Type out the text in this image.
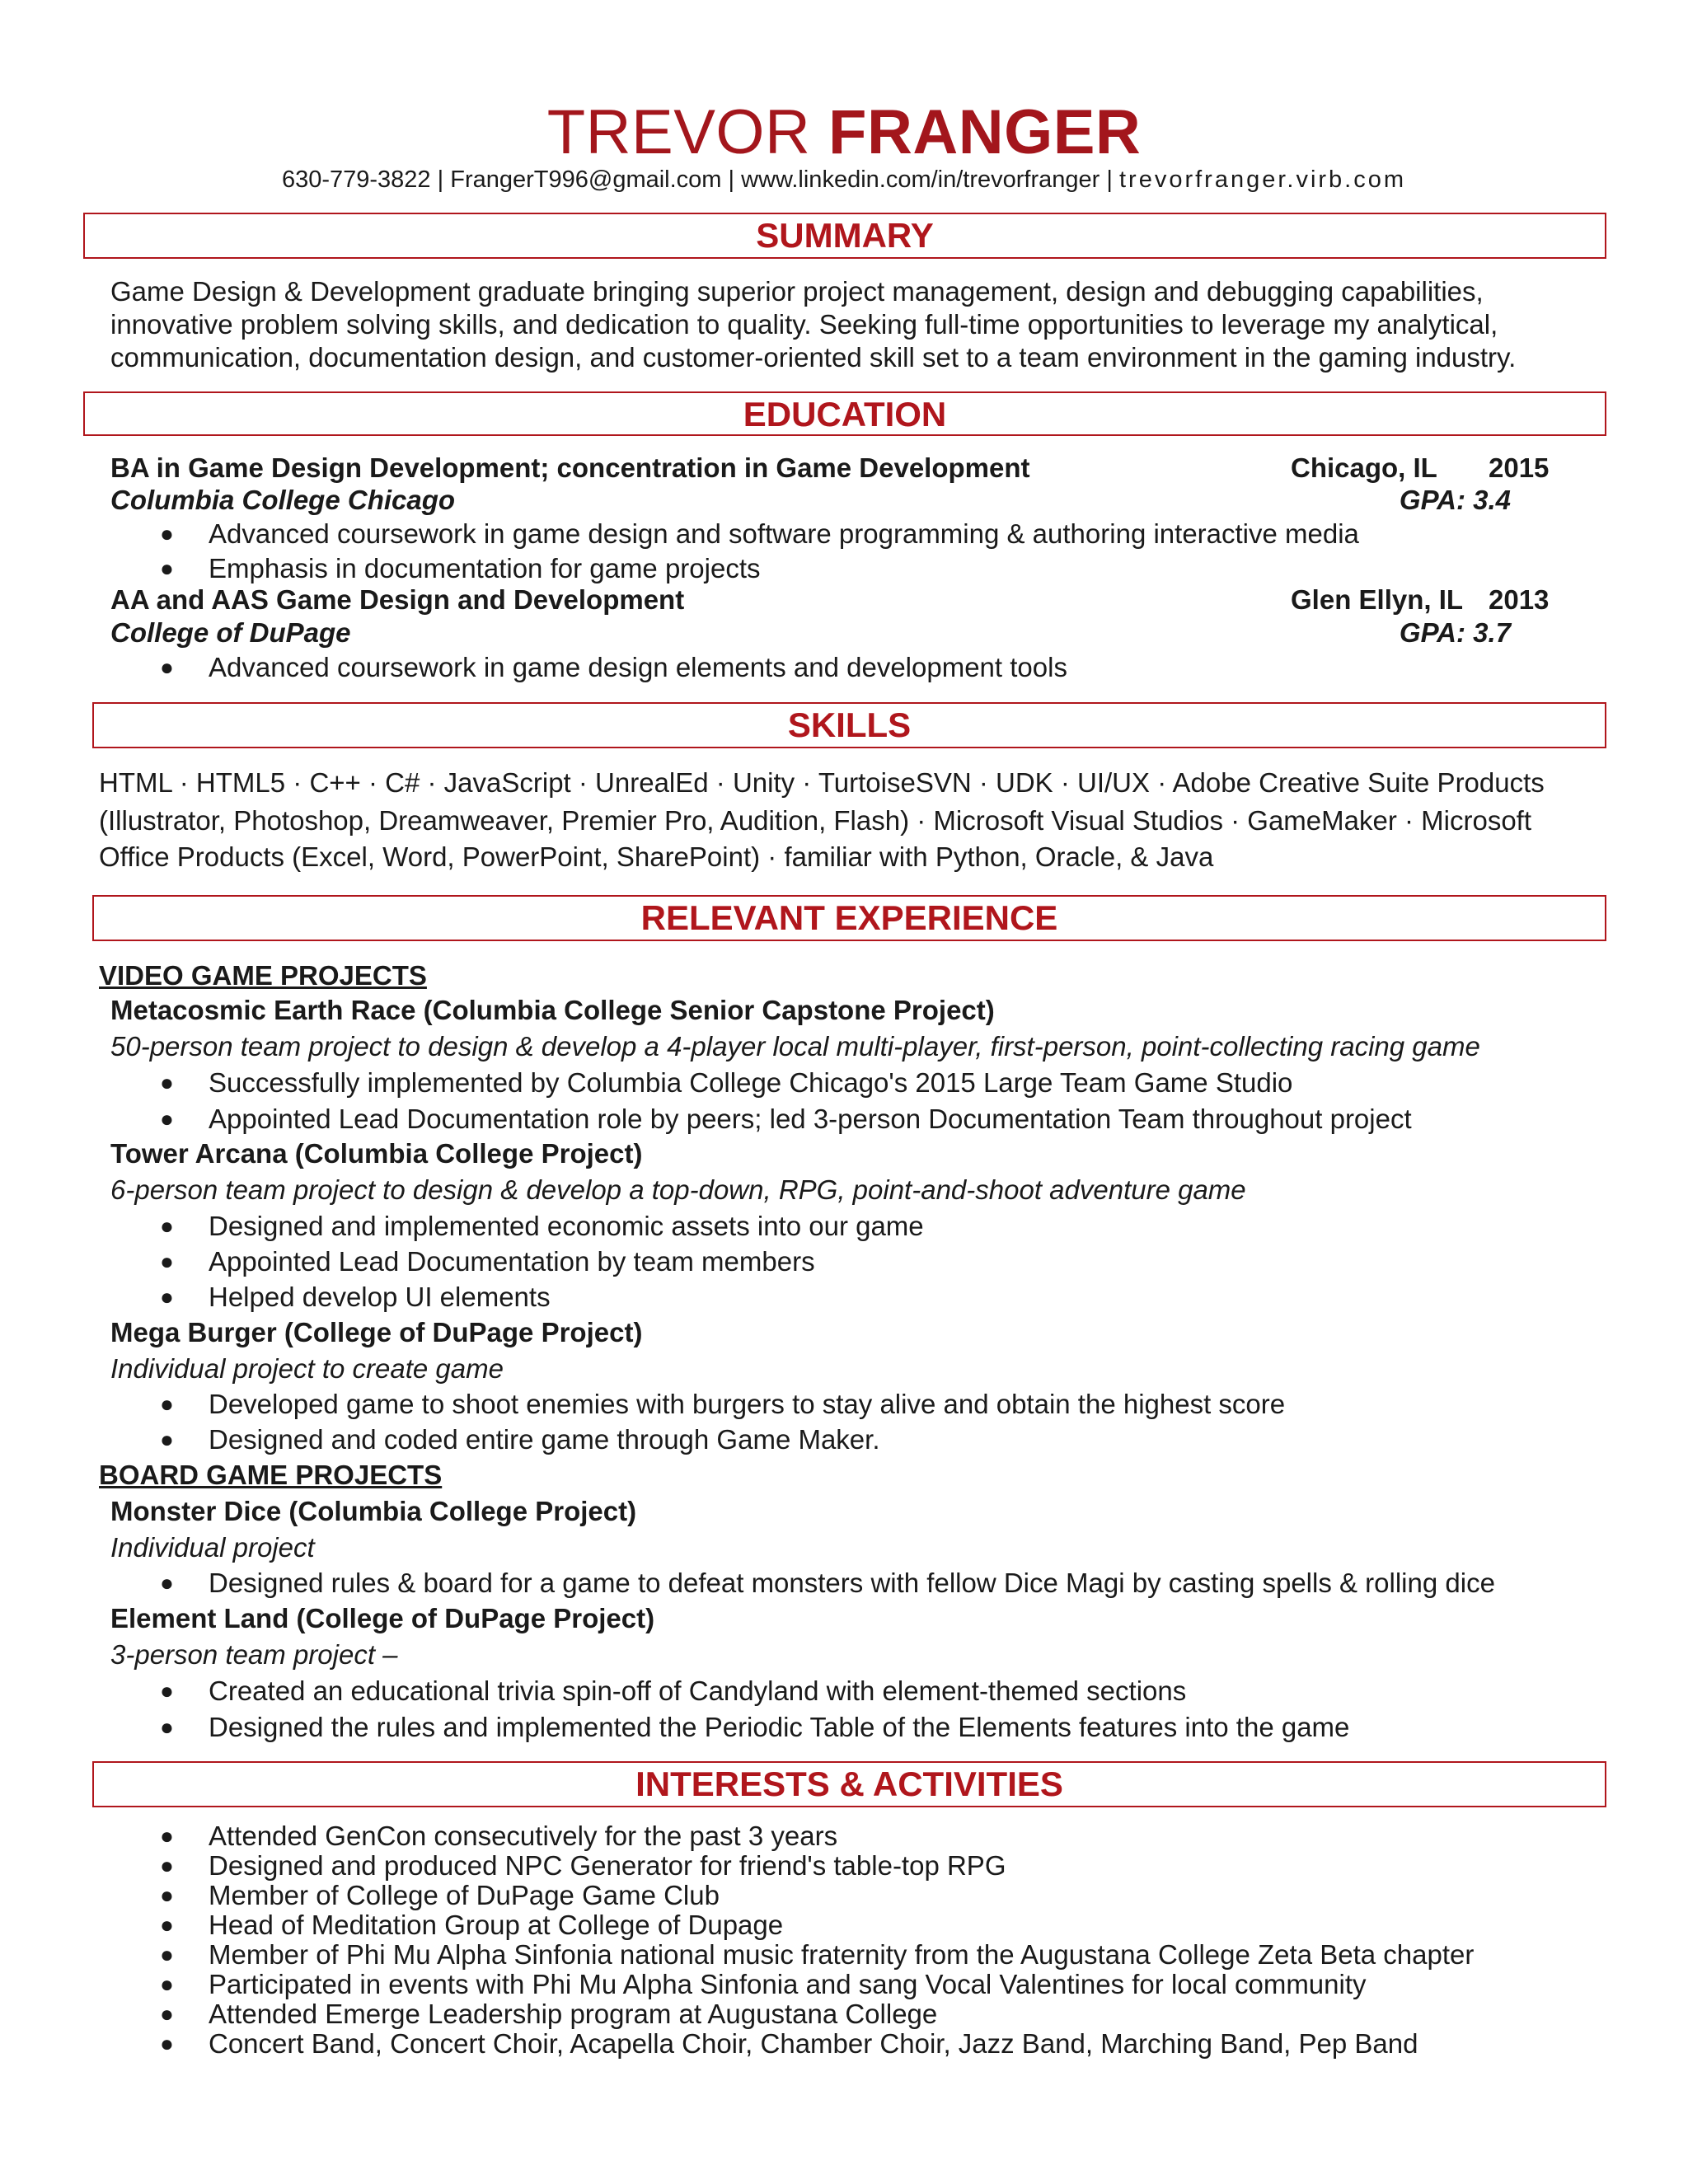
TREVOR FRANGER
630-779-3822 | FrangerT996@gmail.com | www.linkedin.com/in/trevorfranger | trevorfranger.virb.com
SUMMARY
Game Design & Development graduate bringing superior project management, design and debugging capabilities,
innovative problem solving skills, and dedication to quality. Seeking full-time opportunities to leverage my analytical,
communication, documentation design, and customer-oriented skill set to a team environment in the gaming industry.
EDUCATION
BA in Game Design Development; concentration in Game Development	Chicago, IL 2015
Columbia College Chicago	GPA: 3.4
● Advanced coursework in game design and software programming & authoring interactive media
● Emphasis in documentation for game projects
AA and AAS Game Design and Development	Glen Ellyn, IL 2013
College of DuPage	GPA: 3.7
● Advanced coursework in game design elements and development tools
SKILLS
HTML · HTML5 · C++ · C# · JavaScript · UnrealEd · Unity · TurtoiseSVN · UDK · UI/UX · Adobe Creative Suite Products
(Illustrator, Photoshop, Dreamweaver, Premier Pro, Audition, Flash) · Microsoft Visual Studios · GameMaker · Microsoft
Office Products (Excel, Word, PowerPoint, SharePoint) · familiar with Python, Oracle, & Java
RELEVANT EXPERIENCE
VIDEO GAME PROJECTS
Metacosmic Earth Race (Columbia College Senior Capstone Project)
50-person team project to design & develop a 4-player local multi-player, first-person, point-collecting racing game
● Successfully implemented by Columbia College Chicago's 2015 Large Team Game Studio
● Appointed Lead Documentation role by peers; led 3-person Documentation Team throughout project
Tower Arcana (Columbia College Project)
6-person team project to design & develop a top-down, RPG, point-and-shoot adventure game
● Designed and implemented economic assets into our game
● Appointed Lead Documentation by team members
● Helped develop UI elements
Mega Burger (College of DuPage Project)
Individual project to create game
● Developed game to shoot enemies with burgers to stay alive and obtain the highest score
● Designed and coded entire game through Game Maker.
BOARD GAME PROJECTS
Monster Dice (Columbia College Project)
Individual project
● Designed rules & board for a game to defeat monsters with fellow Dice Magi by casting spells & rolling dice
Element Land (College of DuPage Project)
3-person team project –
● Created an educational trivia spin-off of Candyland with element-themed sections
● Designed the rules and implemented the Periodic Table of the Elements features into the game
INTERESTS & ACTIVITIES
● Attended GenCon consecutively for the past 3 years
● Designed and produced NPC Generator for friend's table-top RPG
● Member of College of DuPage Game Club
● Head of Meditation Group at College of Dupage
● Member of Phi Mu Alpha Sinfonia national music fraternity from the Augustana College Zeta Beta chapter
● Participated in events with Phi Mu Alpha Sinfonia and sang Vocal Valentines for local community
● Attended Emerge Leadership program at Augustana College
● Concert Band, Concert Choir, Acapella Choir, Chamber Choir, Jazz Band, Marching Band, Pep Band
